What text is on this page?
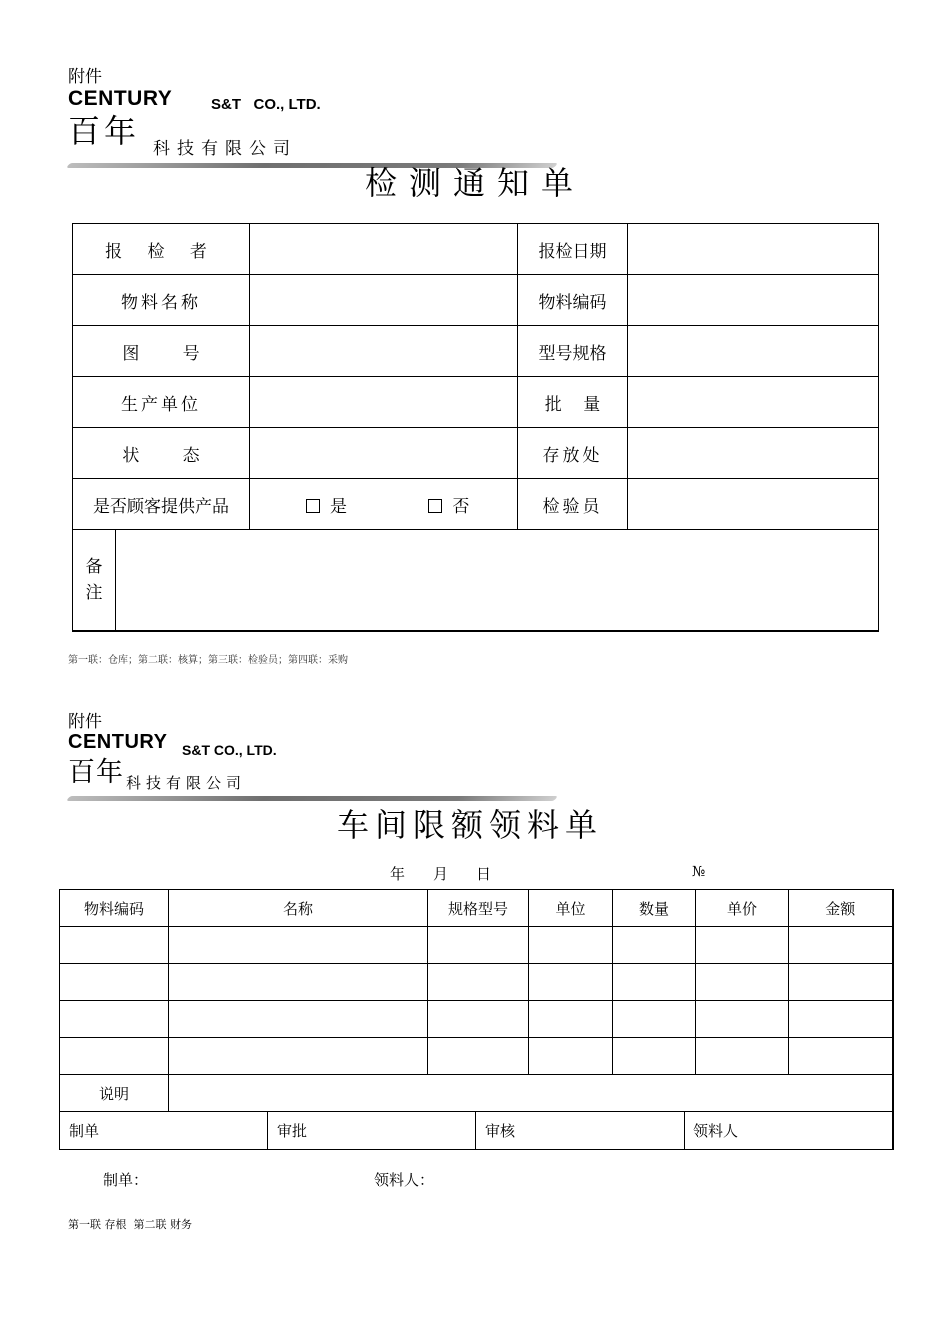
附件
CENTURY	S&T   CO., LTD.
百年 科技有限公司
检测通知单
报 检 者			报检日期	
物料名称			物料编码	
图        号			型号规格	
生产单位			批    量	
状        态			存放处	
是否顾客提供产品		是 否	检验员	

备注				

第一联：仓库；第二联：核算；第三联：检验员；第四联：采购
附件
CENTURY S&T CO., LTD.
百年 科技有限公司
车间限额领料单
年 月 日	№
物料编码	名称	规格型号	单位	数量	单价	金额

说明						

制单 审批 审核 领料人						
制单：	领料人：
第一联 存根  第二联 财务
